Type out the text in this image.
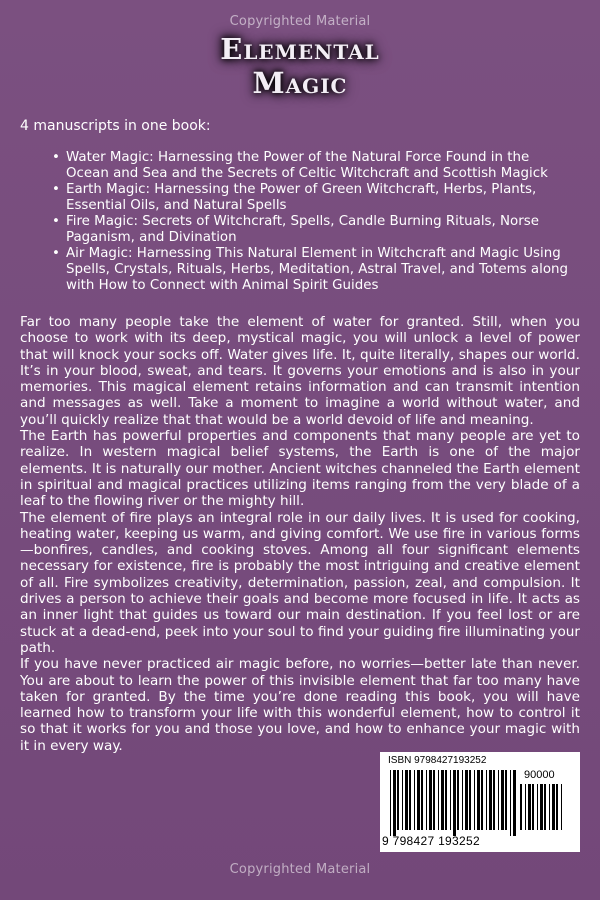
Copyrighted Material
Elemental
Magic
4 manuscripts in one book:
• Water Magic: Harnessing the Power of the Natural Force Found in the Ocean and Sea and the Secrets of Celtic Witchcraft and Scottish Magick
• Earth Magic: Harnessing the Power of Green Witchcraft, Herbs, Plants, Essential Oils, and Natural Spells
• Fire Magic: Secrets of Witchcraft, Spells, Candle Burning Rituals, Norse Paganism, and Divination
• Air Magic: Harnessing This Natural Element in Witchcraft and Magic Using Spells, Crystals, Rituals, Herbs, Meditation, Astral Travel, and Totems along with How to Connect with Animal Spirit Guides

Far too many people take the element of water for granted. Still, when you choose to work with its deep, mystical magic, you will unlock a level of power that will knock your socks off. Water gives life. It, quite literally, shapes our world. It’s in your blood, sweat, and tears. It governs your emotions and is also in your memories. This magical element retains information and can transmit intention and messages as well. Take a moment to imagine a world without water, and you’ll quickly realize that that would be a world devoid of life and meaning.

The Earth has powerful properties and components that many people are yet to realize. In western magical belief systems, the Earth is one of the major elements. It is naturally our mother. Ancient witches channeled the Earth element in spiritual and magical practices utilizing items ranging from the very blade of a leaf to the flowing river or the mighty hill.

The element of fire plays an integral role in our daily lives. It is used for cooking, heating water, keeping us warm, and giving comfort. We use fire in various forms—bonfires, candles, and cooking stoves. Among all four significant elements necessary for existence, fire is probably the most intriguing and creative element of all. Fire symbolizes creativity, determination, passion, zeal, and compulsion. It drives a person to achieve their goals and become more focused in life. It acts as an inner light that guides us toward our main destination. If you feel lost or are stuck at a dead-end, peek into your soul to find your guiding fire illuminating your path.

If you have never practiced air magic before, no worries—better late than never. You are about to learn the power of this invisible element that far too many have taken for granted. By the time you’re done reading this book, you will have learned how to transform your life with this wonderful element, how to control it so that it works for you and those you love, and how to enhance your magic with it in every way.

ISBN 9798427193252
90000
9 798427 193252
Copyrighted Material
